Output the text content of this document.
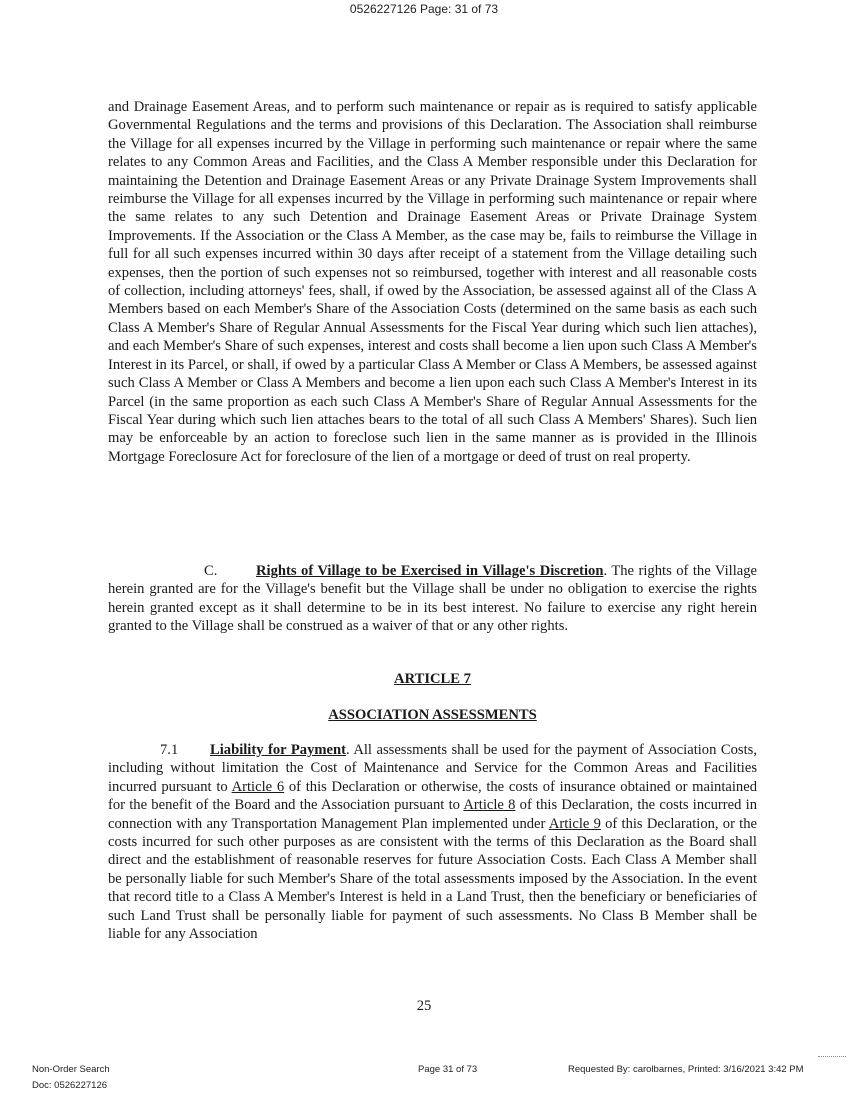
0526227126 Page: 31 of 73

and Drainage Easement Areas, and to perform such maintenance or repair as is required to satisfy applicable Governmental Regulations and the terms and provisions of this Declaration. The Association shall reimburse the Village for all expenses incurred by the Village in performing such maintenance or repair where the same relates to any Common Areas and Facilities, and the Class A Member responsible under this Declaration for maintaining the Detention and Drainage Easement Areas or any Private Drainage System Improvements shall reimburse the Village for all expenses incurred by the Village in performing such maintenance or repair where the same relates to any such Detention and Drainage Easement Areas or Private Drainage System Improvements. If the Association or the Class A Member, as the case may be, fails to reimburse the Village in full for all such expenses incurred within 30 days after receipt of a statement from the Village detailing such expenses, then the portion of such expenses not so reimbursed, together with interest and all reasonable costs of collection, including attorneys' fees, shall, if owed by the Association, be assessed against all of the Class A Members based on each Member's Share of the Association Costs (determined on the same basis as each such Class A Member's Share of Regular Annual Assessments for the Fiscal Year during which such lien attaches), and each Member's Share of such expenses, interest and costs shall become a lien upon such Class A Member's Interest in its Parcel, or shall, if owed by a particular Class A Member or Class A Members, be assessed against such Class A Member or Class A Members and become a lien upon each such Class A Member's Interest in its Parcel (in the same proportion as each such Class A Member's Share of Regular Annual Assessments for the Fiscal Year during which such lien attaches bears to the total of all such Class A Members' Shares). Such lien may be enforceable by an action to foreclose such lien in the same manner as is provided in the Illinois Mortgage Foreclosure Act for foreclosure of the lien of a mortgage or deed of trust on real property.

C.	Rights of Village to be Exercised in Village's Discretion. The rights of the Village herein granted are for the Village's benefit but the Village shall be under no obligation to exercise the rights herein granted except as it shall determine to be in its best interest. No failure to exercise any right herein granted to the Village shall be construed as a waiver of that or any other rights.

ARTICLE 7
ASSOCIATION ASSESSMENTS

7.1 Liability for Payment. All assessments shall be used for the payment of Association Costs, including without limitation the Cost of Maintenance and Service for the Common Areas and Facilities incurred pursuant to Article 6 of this Declaration or otherwise, the costs of insurance obtained or maintained for the benefit of the Board and the Association pursuant to Article 8 of this Declaration, the costs incurred in connection with any Transportation Management Plan implemented under Article 9 of this Declaration, or the costs incurred for such other purposes as are consistent with the terms of this Declaration as the Board shall direct and the establishment of reasonable reserves for future Association Costs. Each Class A Member shall be personally liable for such Member's Share of the total assessments imposed by the Association. In the event that record title to a Class A Member's Interest is held in a Land Trust, then the beneficiary or beneficiaries of such Land Trust shall be personally liable for payment of such assessments. No Class B Member shall be liable for any Association

25
Non-Order Search
Doc: 0526227126
Page 31 of 73	Requested By: carolbarnes, Printed: 3/16/2021 3:42 PM
